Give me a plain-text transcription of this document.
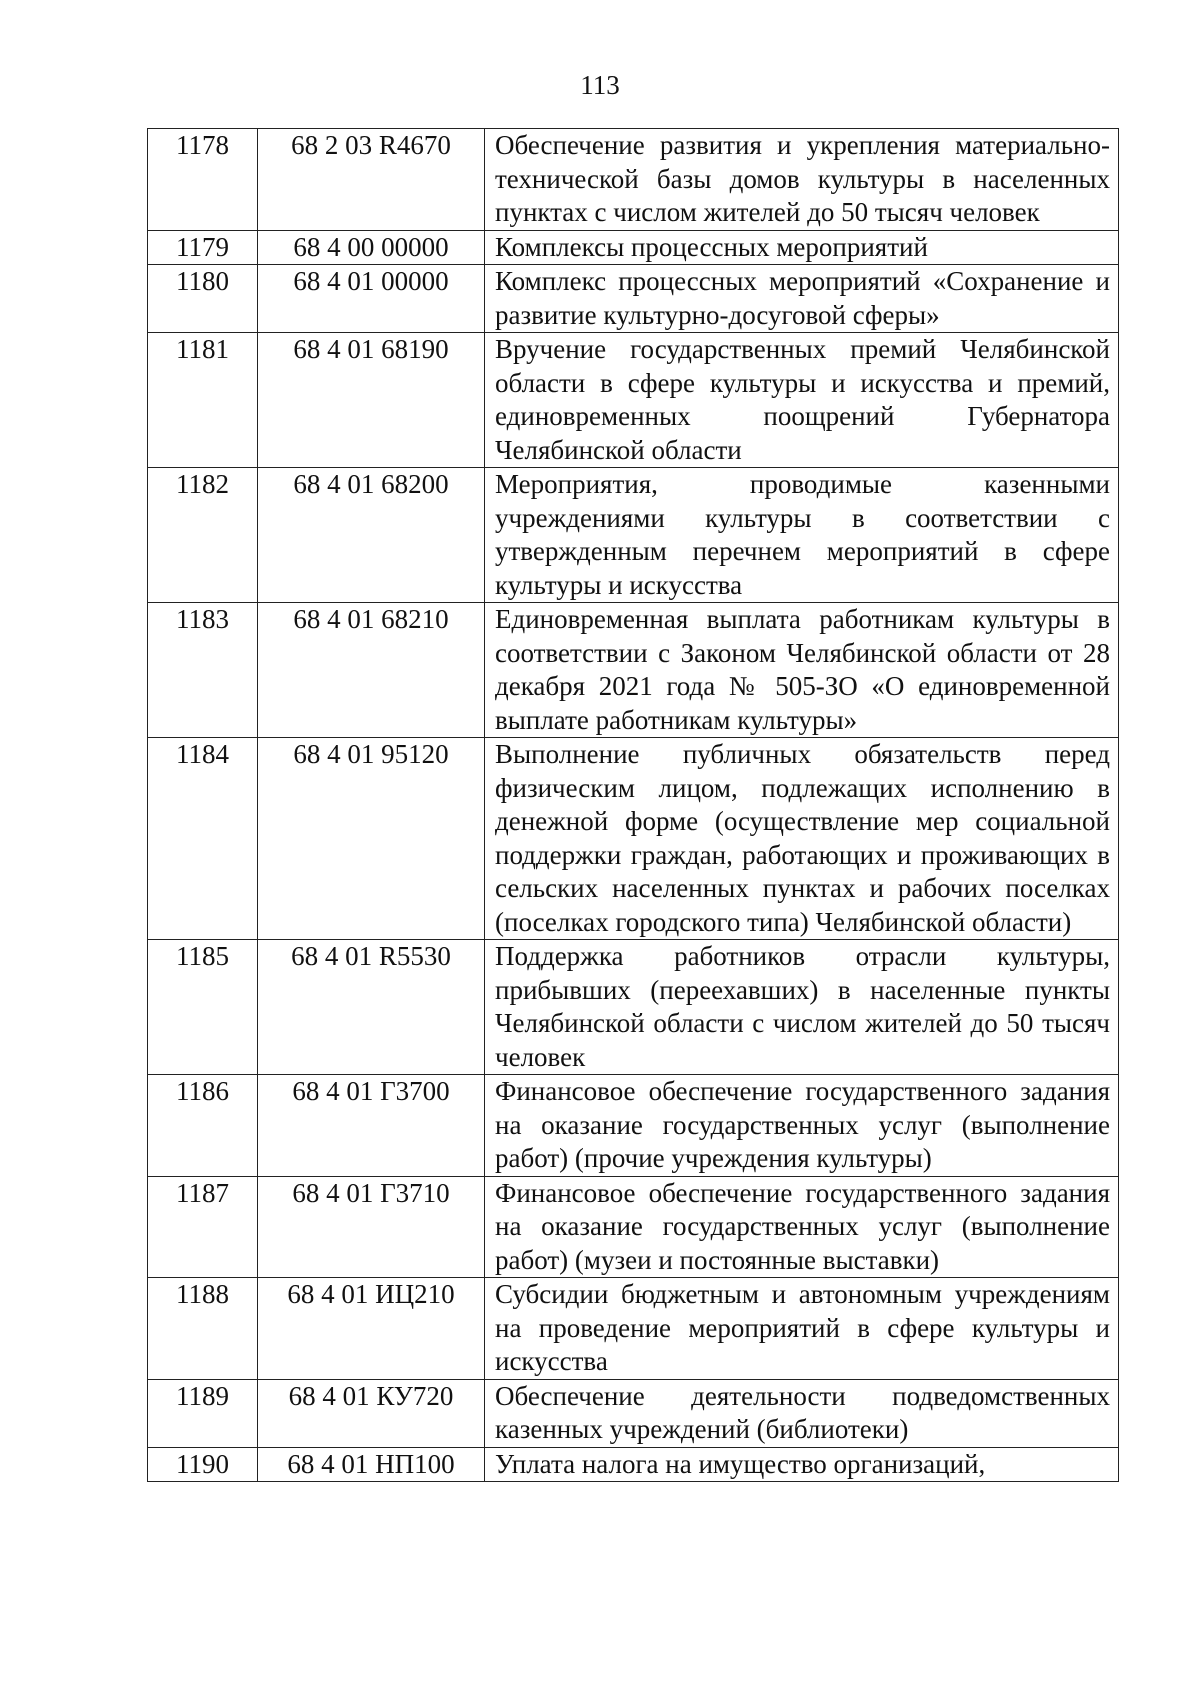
113
1178	68 2 03 R4670	Обеспечение развития и укрепления материально-технической базы домов культуры в населенных пунктах с числом жителей до 50 тысяч человек
1179	68 4 00 00000	Комплексы процессных мероприятий
1180	68 4 01 00000	Комплекс процессных мероприятий «Сохранение и развитие культурно-досуговой сферы»
1181	68 4 01 68190	Вручение государственных премий Челябинской области в сфере культуры и искусства и премий, единовременных поощрений Губернатора Челябинской области
1182	68 4 01 68200	Мероприятия, проводимые казенными учреждениями культуры в соответствии с утвержденным перечнем мероприятий в сфере культуры и искусства
1183	68 4 01 68210	Единовременная выплата работникам культуры в соответствии с Законом Челябинской области от 28 декабря 2021 года № 505-ЗО «О единовременной выплате работникам культуры»
1184	68 4 01 95120	Выполнение публичных обязательств перед физическим лицом, подлежащих исполнению в денежной форме (осуществление мер социальной поддержки граждан, работающих и проживающих в сельских населенных пунктах и рабочих поселках (поселках городского типа) Челябинской области)
1185	68 4 01 R5530	Поддержка работников отрасли культуры, прибывших (переехавших) в населенные пункты Челябинской области с числом жителей до 50 тысяч человек
1186	68 4 01 Г3700	Финансовое обеспечение государственного задания на оказание государственных услуг (выполнение работ) (прочие учреждения культуры)
1187	68 4 01 Г3710	Финансовое обеспечение государственного задания на оказание государственных услуг (выполнение работ) (музеи и постоянные выставки)
1188	68 4 01 ИЦ210	Субсидии бюджетным и автономным учреждениям на проведение мероприятий в сфере культуры и искусства
1189	68 4 01 КУ720	Обеспечение деятельности подведомственных казенных учреждений (библиотеки)
1190	68 4 01 НП100	Уплата налога на имущество организаций,
